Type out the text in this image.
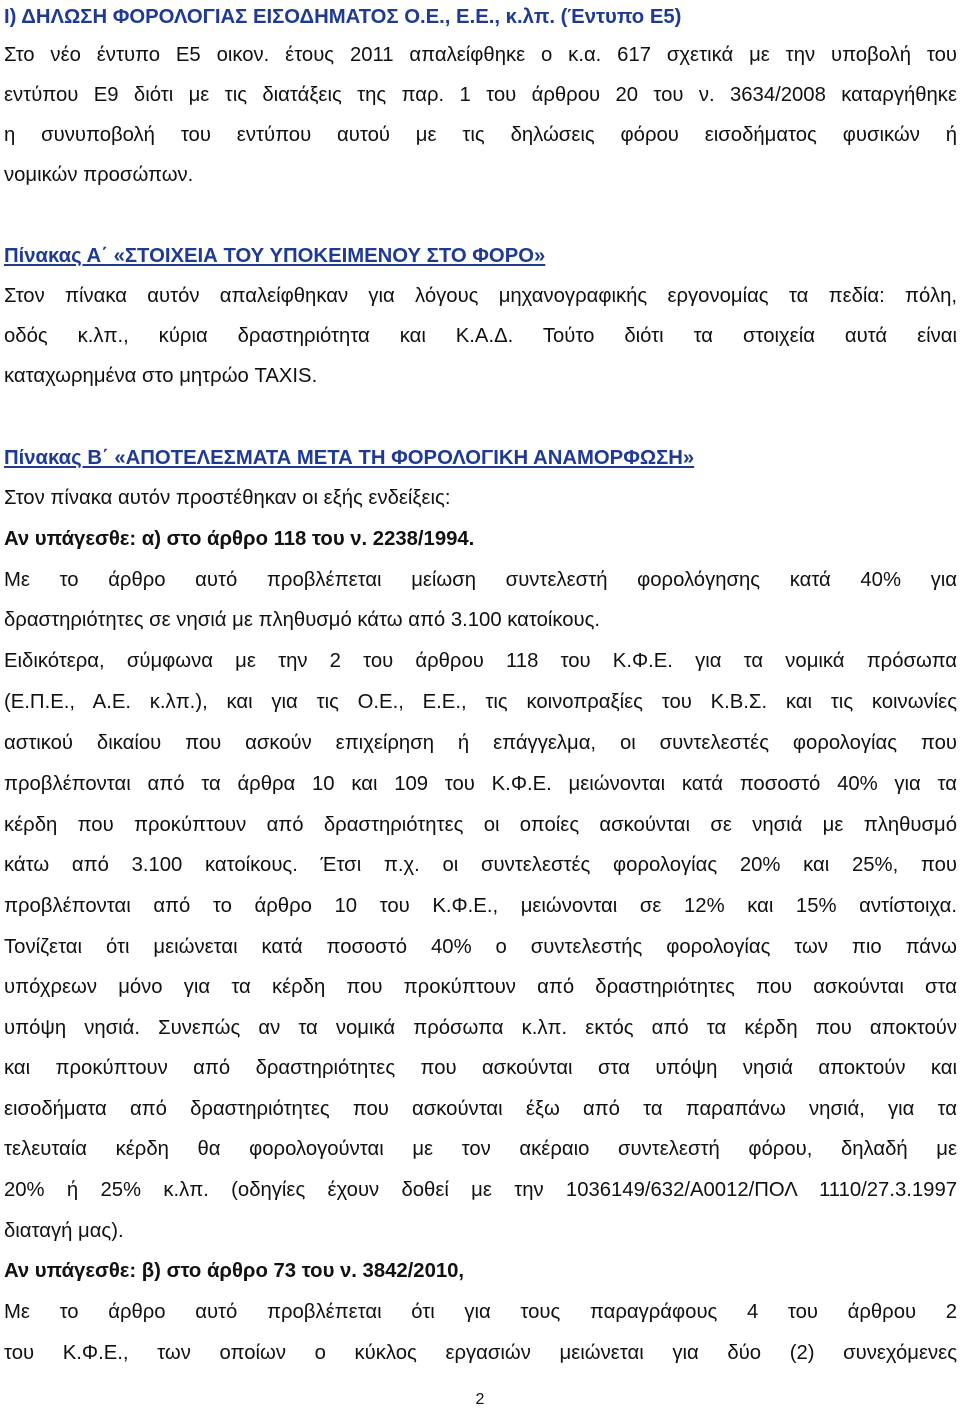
Ι) ΔΗΛΩΣΗ ΦΟΡΟΛΟΓΙΑΣ ΕΙΣΟΔΗΜΑΤΟΣ Ο.Ε., Ε.Ε., κ.λπ. (Έντυπο Ε5)
Στο νέο έντυπο Ε5 οικον. έτους 2011 απαλείφθηκε ο κ.α. 617 σχετικά με την υποβολή του
εντύπου Ε9 διότι με τις διατάξεις της παρ. 1 του άρθρου 20 του ν. 3634/2008 καταργήθηκε
η συνυποβολή του εντύπου αυτού με τις δηλώσεις φόρου εισοδήματος φυσικών ή
νομικών προσώπων.
Πίνακας Α΄ «ΣΤΟΙΧΕΙΑ ΤΟΥ ΥΠΟΚΕΙΜΕΝΟΥ ΣΤΟ ΦΟΡΟ»
Στον πίνακα αυτόν απαλείφθηκαν για λόγους μηχανογραφικής εργονομίας τα πεδία: πόλη,
οδός κ.λπ., κύρια δραστηριότητα και Κ.Α.Δ. Τούτο διότι τα στοιχεία αυτά είναι
καταχωρημένα στο μητρώο TAXIS.
Πίνακας Β΄ «ΑΠΟΤΕΛΕΣΜΑΤΑ ΜΕΤΑ ΤΗ ΦΟΡΟΛΟΓΙΚΗ ΑΝΑΜΟΡΦΩΣΗ»
Στον πίνακα αυτόν προστέθηκαν οι εξής ενδείξεις:
Αν υπάγεσθε: α) στο άρθρο 118 του ν. 2238/1994.
Με το άρθρο αυτό προβλέπεται μείωση συντελεστή φορολόγησης κατά 40% για
δραστηριότητες σε νησιά με πληθυσμό κάτω από 3.100 κατοίκους.
Ειδικότερα, σύμφωνα με την 2 του άρθρου 118 του Κ.Φ.Ε. για τα νομικά πρόσωπα
(Ε.Π.Ε., Α.Ε. κ.λπ.), και για τις Ο.Ε., Ε.Ε., τις κοινοπραξίες του Κ.Β.Σ. και τις κοινωνίες
αστικού δικαίου που ασκούν επιχείρηση ή επάγγελμα, οι συντελεστές φορολογίας που
προβλέπονται από τα άρθρα 10 και 109 του Κ.Φ.Ε. μειώνονται κατά ποσοστό 40% για τα
κέρδη που προκύπτουν από δραστηριότητες οι οποίες ασκούνται σε νησιά με πληθυσμό
κάτω από 3.100 κατοίκους. Έτσι π.χ. οι συντελεστές φορολογίας 20% και 25%, που
προβλέπονται από το άρθρο 10 του Κ.Φ.Ε., μειώνονται σε 12% και 15% αντίστοιχα.
Τονίζεται ότι μειώνεται κατά ποσοστό 40% ο συντελεστής φορολογίας των πιο πάνω
υπόχρεων μόνο για τα κέρδη που προκύπτουν από δραστηριότητες που ασκούνται στα
υπόψη νησιά. Συνεπώς αν τα νομικά πρόσωπα κ.λπ. εκτός από τα κέρδη που αποκτούν
και προκύπτουν από δραστηριότητες που ασκούνται στα υπόψη νησιά αποκτούν και
εισοδήματα από δραστηριότητες που ασκούνται έξω από τα παραπάνω νησιά, για τα
τελευταία κέρδη θα φορολογούνται με τον ακέραιο συντελεστή φόρου, δηλαδή με
20% ή 25% κ.λπ. (οδηγίες έχουν δοθεί με την 1036149/632/Α0012/ΠΟΛ 1110/27.3.1997
διαταγή μας).
Αν υπάγεσθε: β) στο άρθρο 73 του ν. 3842/2010,
Με το άρθρο αυτό προβλέπεται ότι για τους παραγράφους 4 του άρθρου 2
του Κ.Φ.Ε., των οποίων ο κύκλος εργασιών μειώνεται για δύο (2) συνεχόμενες
2
